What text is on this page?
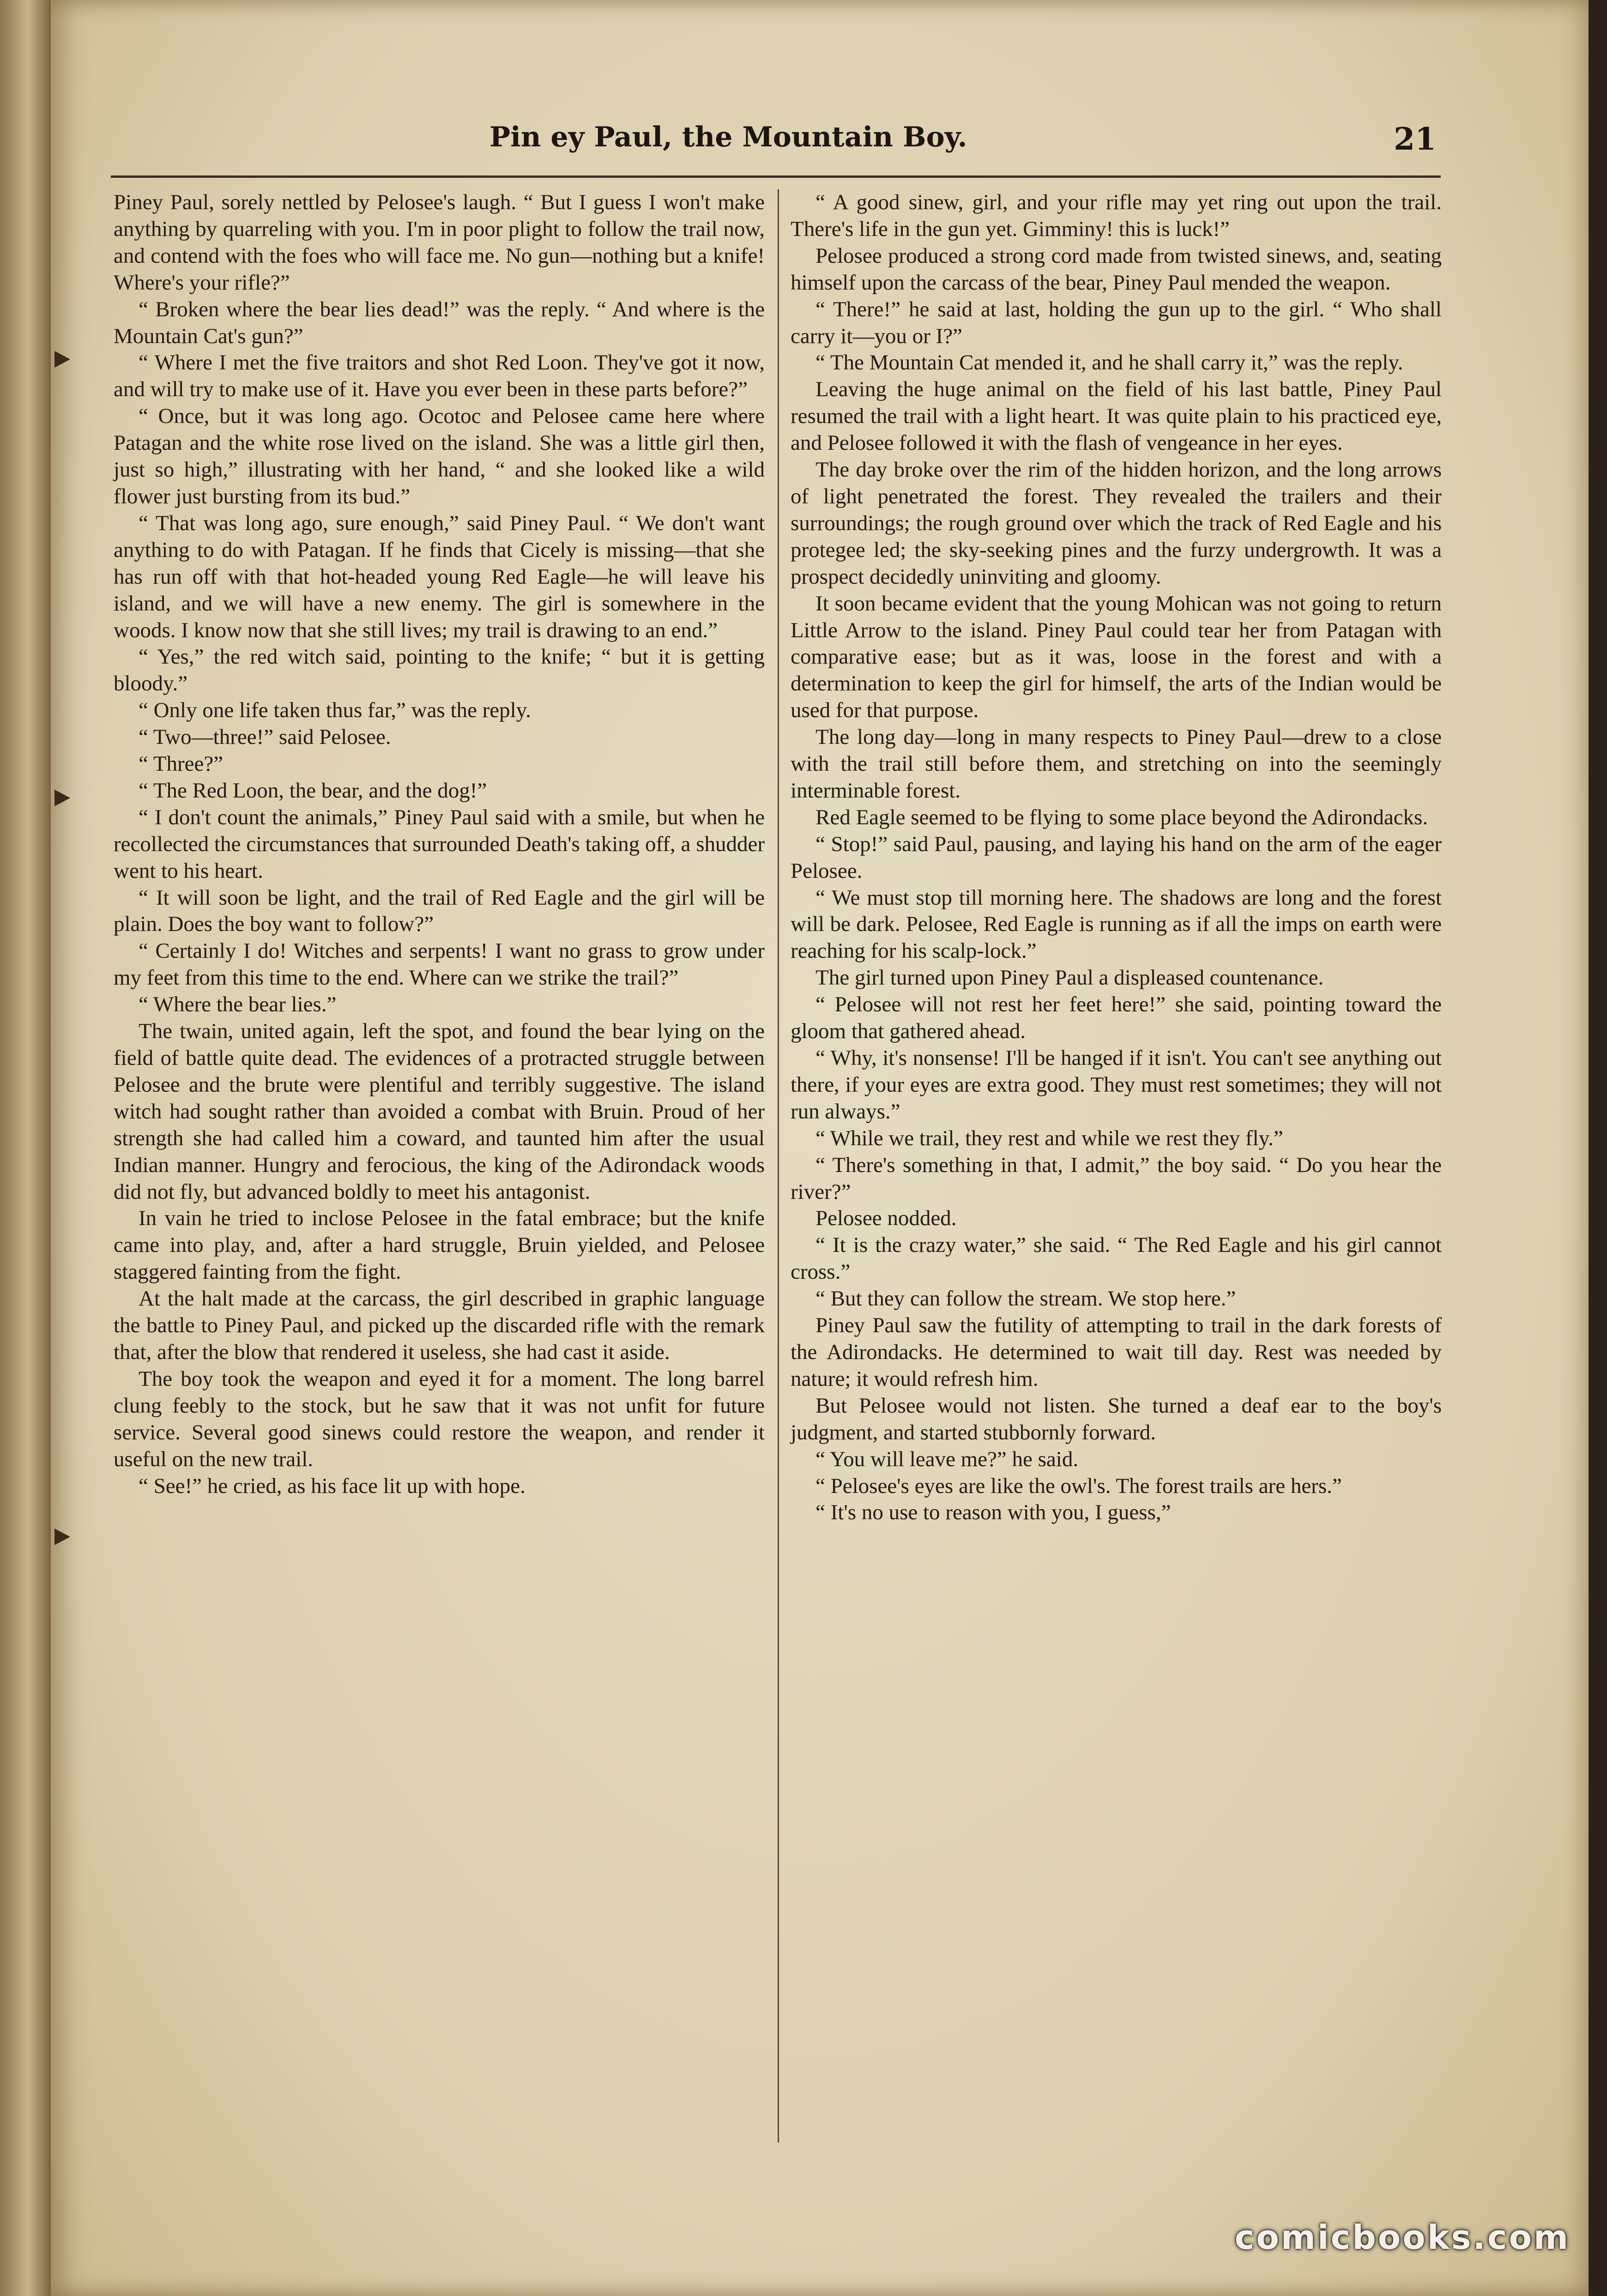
Pin ey Paul, the Mountain Boy.	21

Piney Paul, sorely nettled by Pelosee's laugh. “ But I guess I won't make anything by quarreling with you. I'm in poor plight to follow the trail now, and contend with the foes who will face me. No gun—nothing but a knife! Where's your rifle?”

“ Broken where the bear lies dead!” was the reply. “ And where is the Mountain Cat's gun?”

“ Where I met the five traitors and shot Red Loon. They've got it now, and will try to make use of it. Have you ever been in these parts before?”

“ Once, but it was long ago. Ocotoc and Pelosee came here where Patagan and the white rose lived on the island. She was a little girl then, just so high,” illustrating with her hand, “ and she looked like a wild flower just bursting from its bud.”

“ That was long ago, sure enough,” said Piney Paul. “ We don't want anything to do with Patagan. If he finds that Cicely is missing—that she has run off with that hot-headed young Red Eagle—he will leave his island, and we will have a new enemy. The girl is somewhere in the woods. I know now that she still lives; my trail is drawing to an end.”

“ Yes,” the red witch said, pointing to the knife; “ but it is getting bloody.”

“ Only one life taken thus far,” was the reply.

“ Two—three!” said Pelosee.

“ Three?”

“ The Red Loon, the bear, and the dog!”

“ I don't count the animals,” Piney Paul said with a smile, but when he recollected the circumstances that surrounded Death's taking off, a shudder went to his heart.

“ It will soon be light, and the trail of Red Eagle and the girl will be plain. Does the boy want to follow?”

“ Certainly I do! Witches and serpents! I want no grass to grow under my feet from this time to the end. Where can we strike the trail?”

“ Where the bear lies.”

The twain, united again, left the spot, and found the bear lying on the field of battle quite dead. The evidences of a protracted struggle between Pelosee and the brute were plentiful and terribly suggestive. The island witch had sought rather than avoided a combat with Bruin. Proud of her strength she had called him a coward, and taunted him after the usual Indian manner. Hungry and ferocious, the king of the Adirondack woods did not fly, but advanced boldly to meet his antagonist.

In vain he tried to inclose Pelosee in the fatal embrace; but the knife came into play, and, after a hard struggle, Bruin yielded, and Pelosee staggered fainting from the fight.

At the halt made at the carcass, the girl described in graphic language the battle to Piney Paul, and picked up the discarded rifle with the remark that, after the blow that rendered it useless, she had cast it aside.

The boy took the weapon and eyed it for a moment. The long barrel clung feebly to the stock, but he saw that it was not unfit for future service. Several good sinews could restore the weapon, and render it useful on the new trail.

“ See!” he cried, as his face lit up with hope.

“ A good sinew, girl, and your rifle may yet ring out upon the trail. There's life in the gun yet. Gimminy! this is luck!”

Pelosee produced a strong cord made from twisted sinews, and, seating himself upon the carcass of the bear, Piney Paul mended the weapon.

“ There!” he said at last, holding the gun up to the girl. “ Who shall carry it—you or I?”

“ The Mountain Cat mended it, and he shall carry it,” was the reply.

Leaving the huge animal on the field of his last battle, Piney Paul resumed the trail with a light heart. It was quite plain to his practiced eye, and Pelosee followed it with the flash of vengeance in her eyes.

The day broke over the rim of the hidden horizon, and the long arrows of light penetrated the forest. They revealed the trailers and their surroundings; the rough ground over which the track of Red Eagle and his protegee led; the sky-seeking pines and the furzy undergrowth. It was a prospect decidedly uninviting and gloomy.

It soon became evident that the young Mohican was not going to return Little Arrow to the island. Piney Paul could tear her from Patagan with comparative ease; but as it was, loose in the forest and with a determination to keep the girl for himself, the arts of the Indian would be used for that purpose.

The long day—long in many respects to Piney Paul—drew to a close with the trail still before them, and stretching on into the seemingly interminable forest.

Red Eagle seemed to be flying to some place beyond the Adirondacks.

“ Stop!” said Paul, pausing, and laying his hand on the arm of the eager Pelosee.

“ We must stop till morning here. The shadows are long and the forest will be dark. Pelosee, Red Eagle is running as if all the imps on earth were reaching for his scalp-lock.”

The girl turned upon Piney Paul a displeased countenance.

“ Pelosee will not rest her feet here!” she said, pointing toward the gloom that gathered ahead.

“ Why, it's nonsense! I'll be hanged if it isn't. You can't see anything out there, if your eyes are extra good. They must rest sometimes; they will not run always.”

“ While we trail, they rest and while we rest they fly.”

“ There's something in that, I admit,” the boy said. “ Do you hear the river?”

Pelosee nodded.

“ It is the crazy water,” she said. “ The Red Eagle and his girl cannot cross.”

“ But they can follow the stream. We stop here.”

Piney Paul saw the futility of attempting to trail in the dark forests of the Adirondacks. He determined to wait till day. Rest was needed by nature; it would refresh him.

But Pelosee would not listen. She turned a deaf ear to the boy's judgment, and started stubbornly forward.

“ You will leave me?” he said.

“ Pelosee's eyes are like the owl's. The forest trails are hers.”

“ It's no use to reason with you, I guess,”

comicbooks.com
